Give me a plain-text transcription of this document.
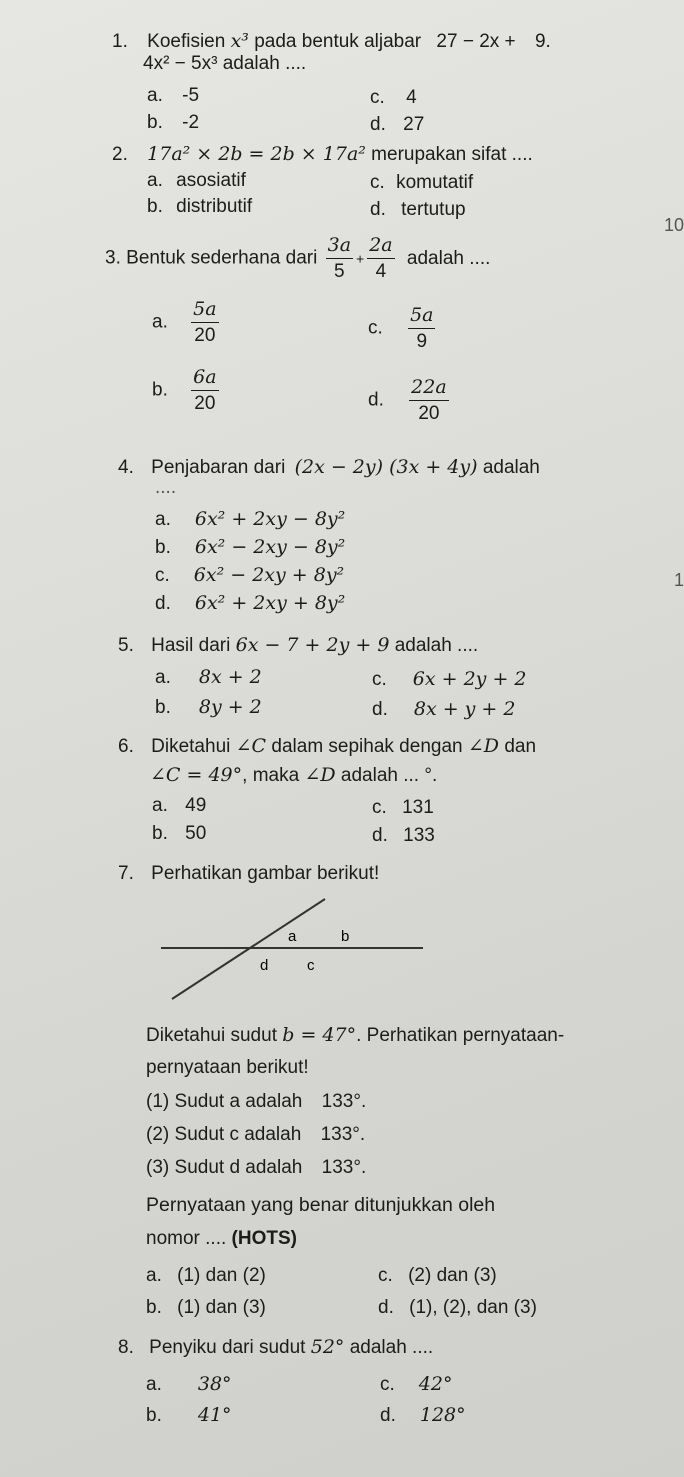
1. Koefisien x³ pada bentuk aljabar 27 − 2x + 9.
4x² − 5x³ adalah ....
a. -5	c. 4
b. -2	d. 27
2. 17a² × 2b = 2b × 17a² merupakan sifat ....
a. asosiatif	c. komutatif
b. distributif	d. tertutup
10
3. Bentuk sederhana dari $\frac{3a}{5} + \frac{2a}{4}$ adalah ....
a. $\frac{5a}{20}$	c. $\frac{5a}{9}$
b. $\frac{6a}{20}$	d. $\frac{22a}{20}$
4. Penjabaran dari (2x − 2y) (3x + 4y) adalah
....
a. 6x² + 2xy − 8y²
b. 6x² − 2xy − 8y²
c. 6x² − 2xy + 8y²
d. 6x² + 2xy + 8y²
1
5. Hasil dari 6x − 7 + 2y + 9 adalah ....
a. 8x + 2	c. 6x + 2y + 2
b. 8y + 2	d. 8x + y + 2
6. Diketahui ∠C dalam sepihak dengan ∠D dan
∠C = 49°, maka ∠D adalah ... °.
a. 49	c. 131
b. 50	d. 133
7. Perhatikan gambar berikut!
a	b
d	c
Diketahui sudut b = 47°. Perhatikan pernyataan-
pernyataan berikut!
(1) Sudut a adalah 133°.
(2) Sudut c adalah 133°.
(3) Sudut d adalah 133°.
Pernyataan yang benar ditunjukkan oleh
nomor .... (HOTS)
a. (1) dan (2)	c. (2) dan (3)
b. (1) dan (3)	d. (1), (2), dan (3)
8. Penyiku dari sudut 52° adalah ....
a. 38°	c. 42°
b. 41°	d. 128°
